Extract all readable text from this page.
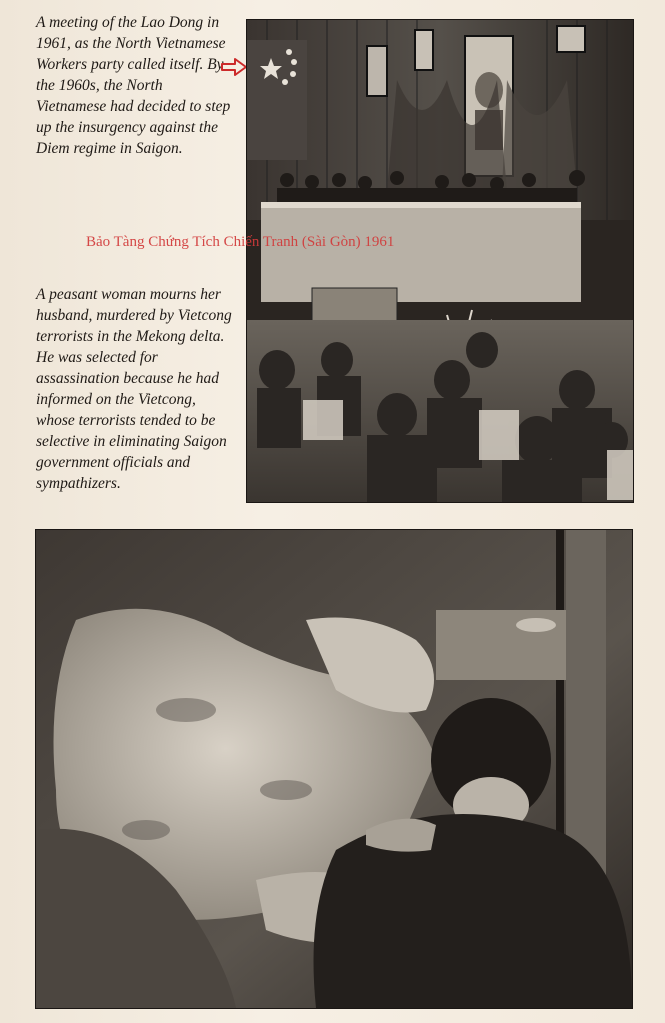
A meeting of the Lao Dong in 1961, as the North Vietnamese Workers party called itself. By the 1960s, the North Vietnamese had decided to step up the insurgency against the Diem regime in Saigon.

Bảo Tàng Chứng Tích Chiến Tranh (Sài Gòn) 1961

A peasant woman mourns her husband, murdered by Vietcong terrorists in the Mekong delta. He was selected for assassination because he had informed on the Vietcong, whose terrorists tended to be selective in eliminating Saigon government officials and sympathizers.
